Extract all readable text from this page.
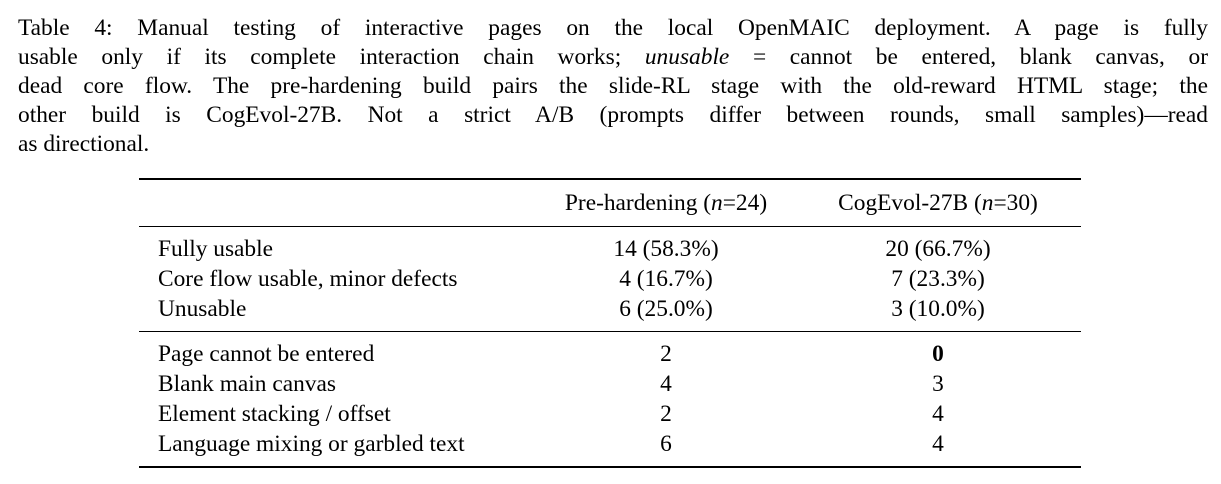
Table 4: Manual testing of interactive pages on the local OpenMAIC deployment. A page is fully
usable only if its complete interaction chain works; unusable = cannot be entered, blank canvas, or
dead core flow. The pre-hardening build pairs the slide-RL stage with the old-reward HTML stage; the
other build is CogEvol-27B. Not a strict A/B (prompts differ between rounds, small samples)—read
as directional.
	Pre-hardening (n=24)	CogEvol-27B (n=30)
Fully usable	14 (58.3%)	20 (66.7%)
Core flow usable, minor defects	4 (16.7%)	7 (23.3%)
Unusable	6 (25.0%)	3 (10.0%)
Page cannot be entered	2	0
Blank main canvas	4	3
Element stacking / offset	2	4
Language mixing or garbled text	6	4
